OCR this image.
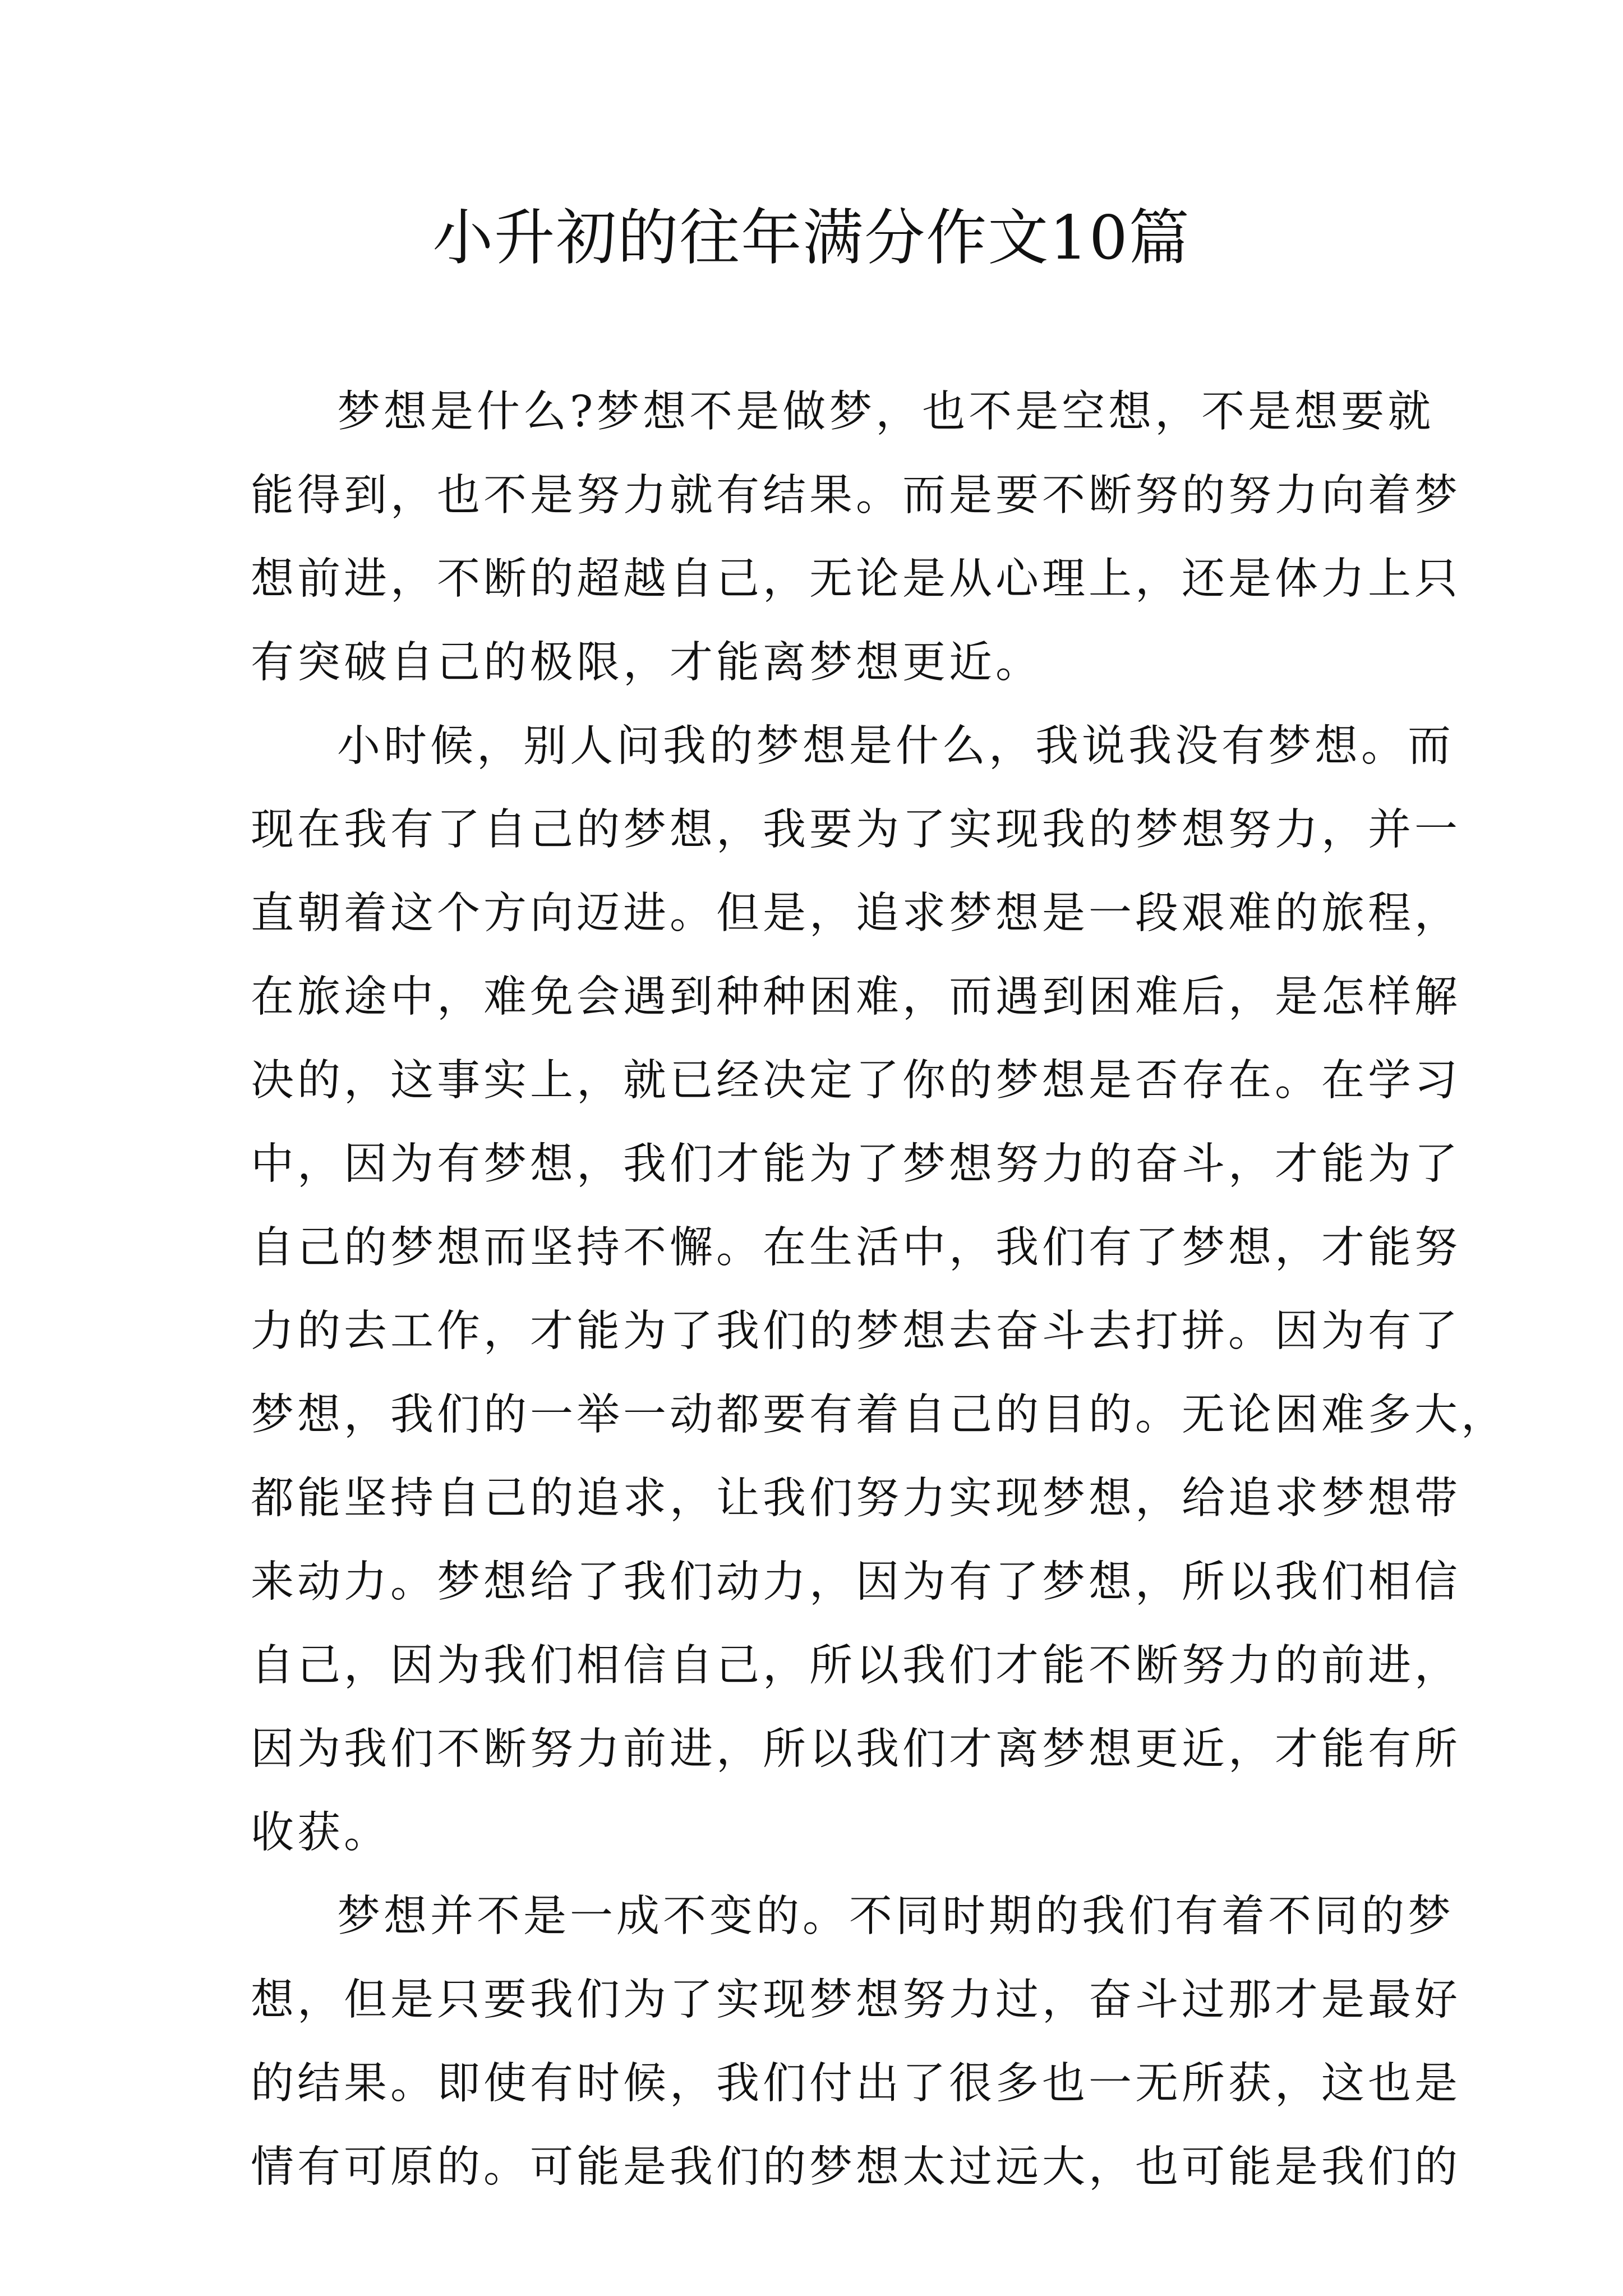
小升初的往年满分作文10篇

梦想是什么?梦想不是做梦，也不是空想，不是想要就
能得到，也不是努力就有结果。而是要不断努的努力向着梦
想前进，不断的超越自己，无论是从心理上，还是体力上只
有突破自己的极限，才能离梦想更近。

小时候，别人问我的梦想是什么，我说我没有梦想。而
现在我有了自己的梦想，我要为了实现我的梦想努力，并一
直朝着这个方向迈进。但是，追求梦想是一段艰难的旅程，
在旅途中，难免会遇到种种困难，而遇到困难后，是怎样解
决的，这事实上，就已经决定了你的梦想是否存在。在学习
中，因为有梦想，我们才能为了梦想努力的奋斗，才能为了
自己的梦想而坚持不懈。在生活中，我们有了梦想，才能努
力的去工作，才能为了我们的梦想去奋斗去打拼。因为有了
梦想，我们的一举一动都要有着自己的目的。无论困难多大，
都能坚持自己的追求，让我们努力实现梦想，给追求梦想带
来动力。梦想给了我们动力，因为有了梦想，所以我们相信
自己，因为我们相信自己，所以我们才能不断努力的前进，
因为我们不断努力前进，所以我们才离梦想更近，才能有所
收获。

梦想并不是一成不变的。不同时期的我们有着不同的梦
想，但是只要我们为了实现梦想努力过，奋斗过那才是最好
的结果。即使有时候，我们付出了很多也一无所获，这也是
情有可原的。可能是我们的梦想太过远大，也可能是我们的
